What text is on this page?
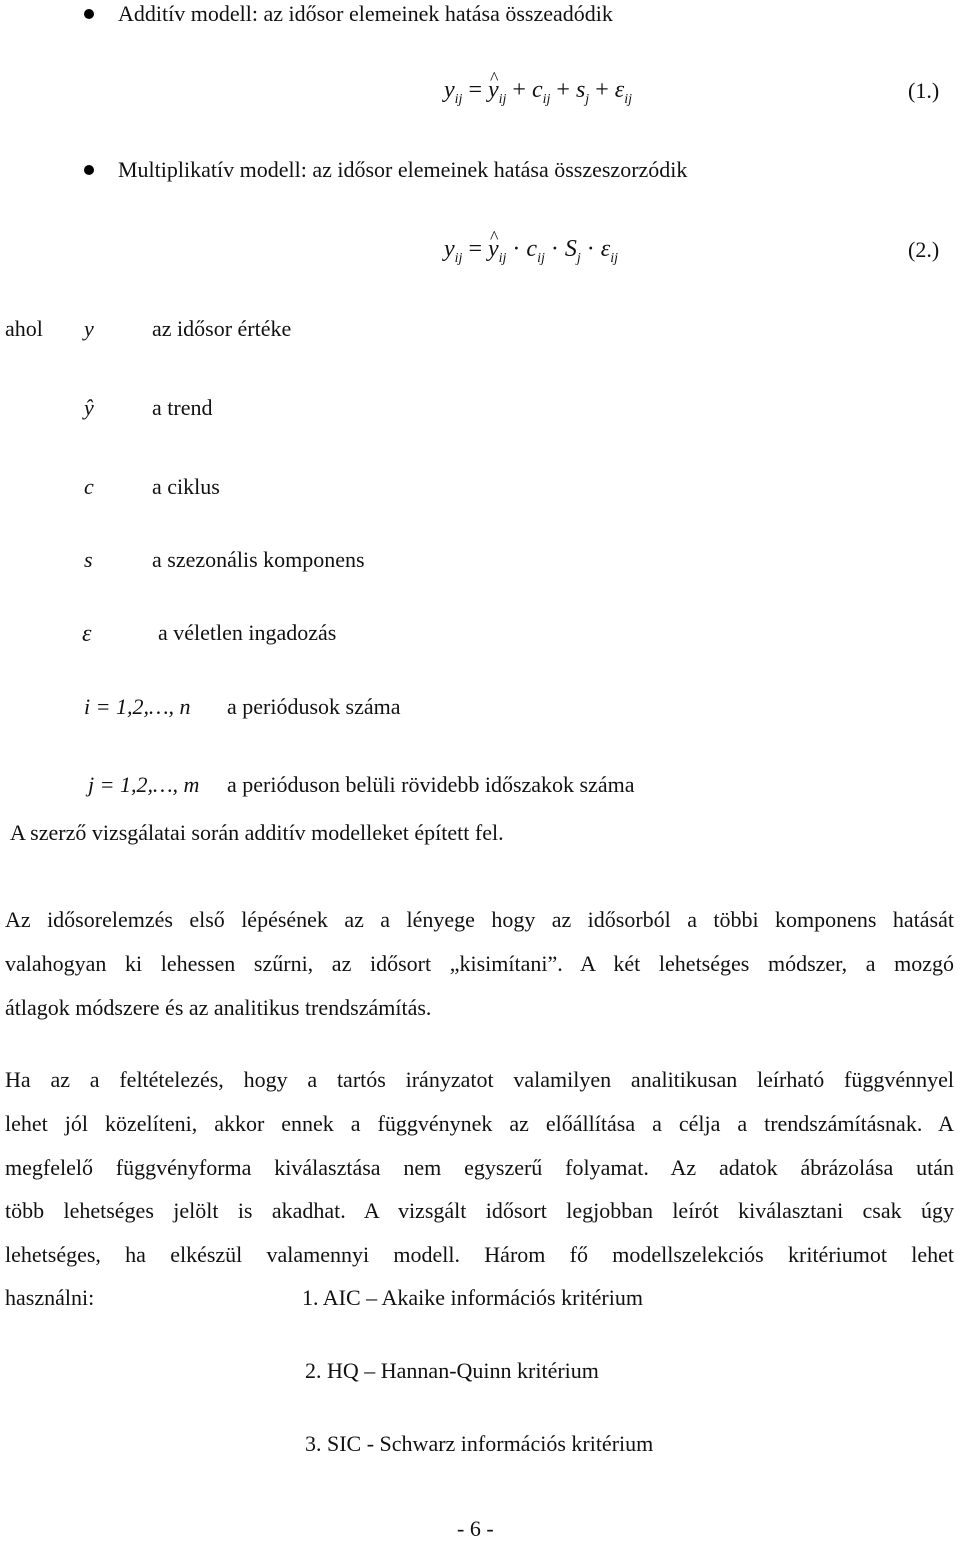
Additív modell: az idősor elemeinek hatása összeadódik
$y_{ij}$ = ^ $y_{ij} + c_{ij} + s_j + \varepsilon_{ij}$	(1.)
Multiplikatív modell: az idősor elemeinek hatása összeszorzódik
$y_{ij}$ = ^ $y_{ij} \cdot c_{ij} \cdot S_j \cdot \varepsilon_{ij}$	(2.)
ahol y	az idősor értéke
ŷ	a trend
c	a ciklus
s	a szezonális komponens
ε	a véletlen ingadozás
i = 1,2,…, n a periódusok száma
j = 1,2,…, m a perióduson belüli rövidebb időszakok száma
A szerző vizsgálatai során additív modelleket épített fel.
Az idősorelemzés első lépésének az a lényege hogy az idősorból a többi komponens hatását
valahogyan ki lehessen szűrni, az idősort „kisimítani”. A két lehetséges módszer, a mozgó
átlagok módszere és az analitikus trendszámítás.
Ha az a feltételezés, hogy a tartós irányzatot valamilyen analitikusan leírható függvénnyel
lehet jól közelíteni, akkor ennek a függvénynek az előállítása a célja a trendszámításnak. A
megfelelő függvényforma kiválasztása nem egyszerű folyamat. Az adatok ábrázolása után
több lehetséges jelölt is akadhat. A vizsgált idősort legjobban leírót kiválasztani csak úgy
lehetséges, ha elkészül valamennyi modell. Három fő modellszelekciós kritériumot lehet
használni:	1. AIC – Akaike információs kritérium
2. HQ – Hannan-Quinn kritérium
3. SIC - Schwarz információs kritérium
- 6 -
